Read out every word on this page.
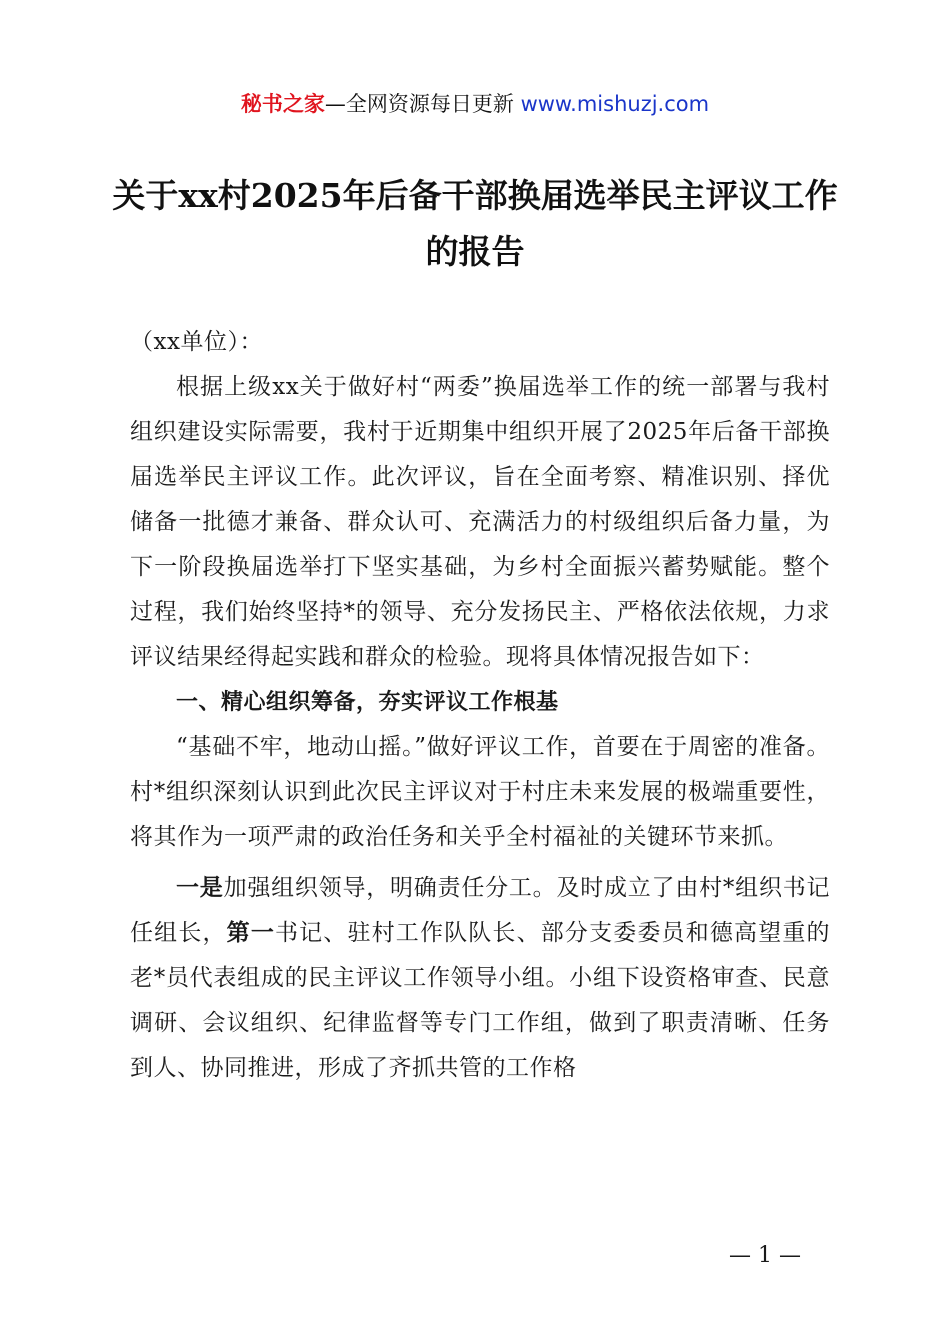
秘书之家—全网资源每日更新 www.mishuzj.com
关于xx村2025年后备干部换届选举民主评议工作的报告

（xx单位）：

根据上级xx关于做好村“两委”换届选举工作的统一部署与我村组织建设实际需要，我村于近期集中组织开展了2025年后备干部换届选举民主评议工作。此次评议，旨在全面考察、精准识别、择优储备一批德才兼备、群众认可、充满活力的村级组织后备力量，为下一阶段换届选举打下坚实基础，为乡村全面振兴蓄势赋能。整个过程，我们始终坚持*的领导、充分发扬民主、严格依法依规，力求评议结果经得起实践和群众的检验。现将具体情况报告如下：

一、精心组织筹备，夯实评议工作根基

“基础不牢，地动山摇。”做好评议工作，首要在于周密的准备。村*组织深刻认识到此次民主评议对于村庄未来发展的极端重要性，将其作为一项严肃的政治任务和关乎全村福祉的关键环节来抓。

一是加强组织领导，明确责任分工。及时成立了由村*组织书记任组长，第一书记、驻村工作队队长、部分支委委员和德高望重的老*员代表组成的民主评议工作领导小组。小组下设资格审查、民意调研、会议组织、纪律监督等专门工作组，做到了职责清晰、任务到人、协同推进，形成了齐抓共管的工作格

— 1 —
